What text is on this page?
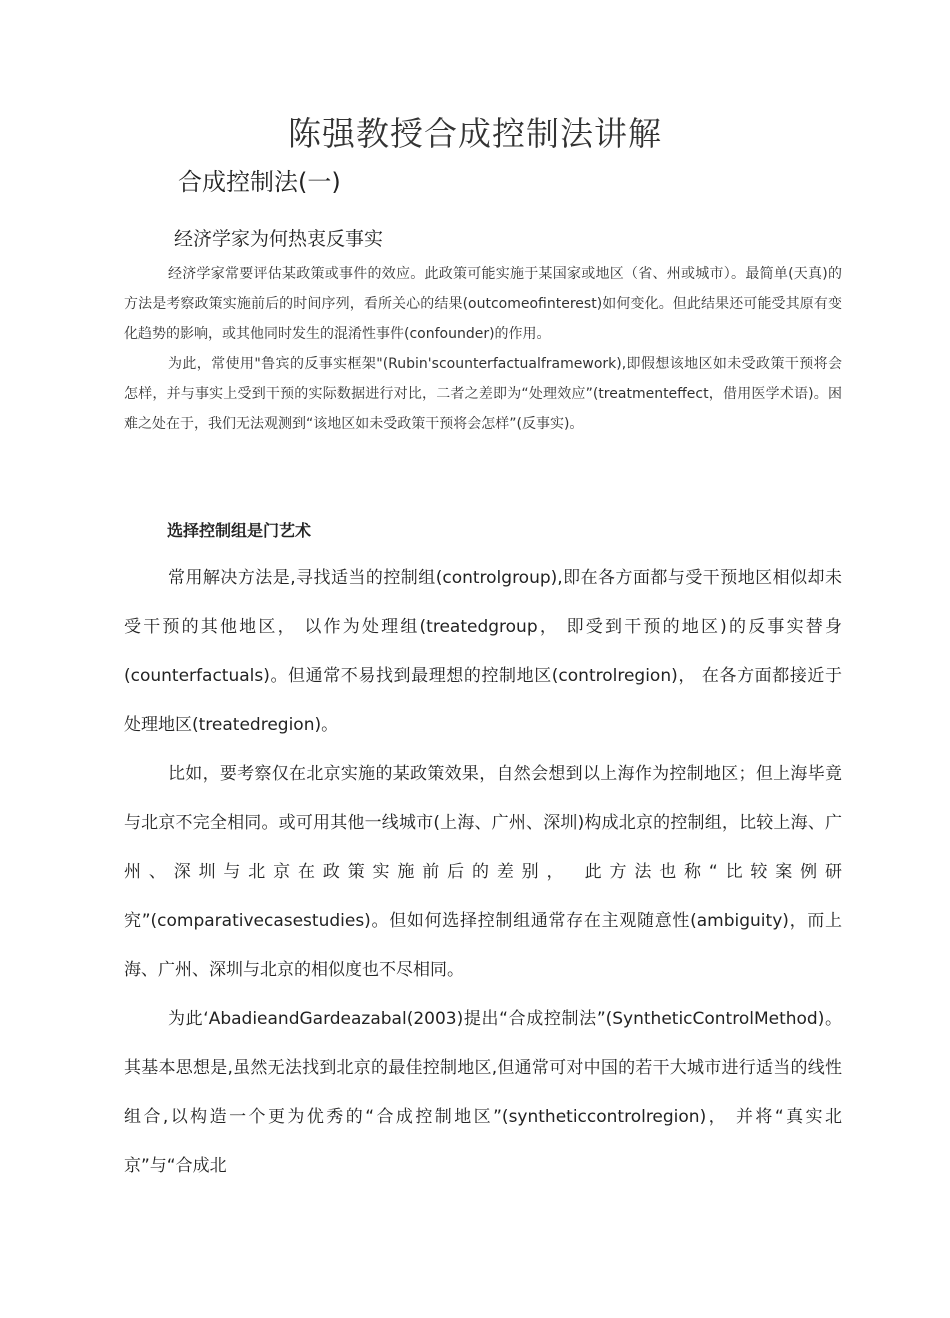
陈强教授合成控制法讲解
合成控制法(一)
经济学家为何热衷反事实

经济学家常要评估某政策或事件的效应。此政策可能实施于某国家或地区（省、州或城市）。最简单(天真)的方法是考察政策实施前后的时间序列，看所关心的结果(outcomeofinterest)如何变化。但此结果还可能受其原有变化趋势的影响，或其他同时发生的混淆性事件(confounder)的作用。

为此，常使用"鲁宾的反事实框架"(Rubin'scounterfactualframework),即假想该地区如未受政策干预将会怎样，并与事实上受到干预的实际数据进行对比，二者之差即为“处理效应”(treatmenteffect，借用医学术语)。困难之处在于，我们无法观测到“该地区如未受政策干预将会怎样”(反事实)。

选择控制组是门艺术

常用解决方法是,寻找适当的控制组(controlgroup),即在各方面都与受干预地区相似却未受干预的其他地区， 以作为处理组(treatedgroup， 即受到干预的地区)的反事实替身(counterfactuals)。但通常不易找到最理想的控制地区(controlregion)， 在各方面都接近于处理地区(treatedregion)。

比如，要考察仅在北京实施的某政策效果，自然会想到以上海作为控制地区；但上海毕竟与北京不完全相同。或可用其他一线城市(上海、广州、深圳)构成北京的控制组，比较上海、广州、深圳与北京在政策实施前后的差别， 此方法也称“比较案例研究”(comparativecasestudies)。但如何选择控制组通常存在主观随意性(ambiguity)，而上海、广州、深圳与北京的相似度也不尽相同。

为此‘AbadieandGardeazabal(2003)提出“合成控制法”(SyntheticControlMethod)。其基本思想是,虽然无法找到北京的最佳控制地区,但通常可对中国的若干大城市进行适当的线性组合,以构造一个更为优秀的“合成控制地区”(syntheticcontrolregion)， 并将“真实北京”与“合成北
